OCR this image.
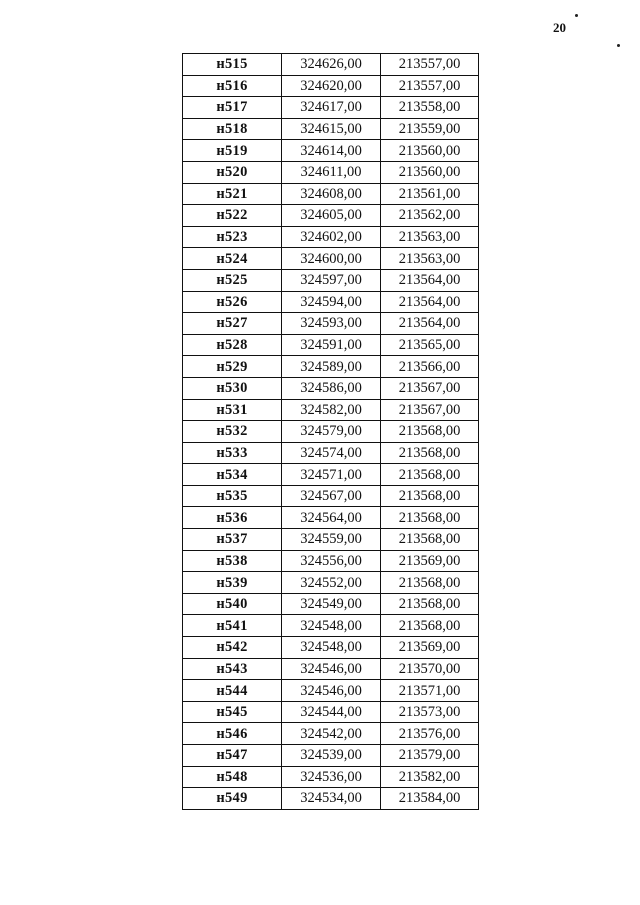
20
н515	324626,00	213557,00
н516	324620,00	213557,00
н517	324617,00	213558,00
н518	324615,00	213559,00
н519	324614,00	213560,00
н520	324611,00	213560,00
н521	324608,00	213561,00
н522	324605,00	213562,00
н523	324602,00	213563,00
н524	324600,00	213563,00
н525	324597,00	213564,00
н526	324594,00	213564,00
н527	324593,00	213564,00
н528	324591,00	213565,00
н529	324589,00	213566,00
н530	324586,00	213567,00
н531	324582,00	213567,00
н532	324579,00	213568,00
н533	324574,00	213568,00
н534	324571,00	213568,00
н535	324567,00	213568,00
н536	324564,00	213568,00
н537	324559,00	213568,00
н538	324556,00	213569,00
н539	324552,00	213568,00
н540	324549,00	213568,00
н541	324548,00	213568,00
н542	324548,00	213569,00
н543	324546,00	213570,00
н544	324546,00	213571,00
н545	324544,00	213573,00
н546	324542,00	213576,00
н547	324539,00	213579,00
н548	324536,00	213582,00
н549	324534,00	213584,00
